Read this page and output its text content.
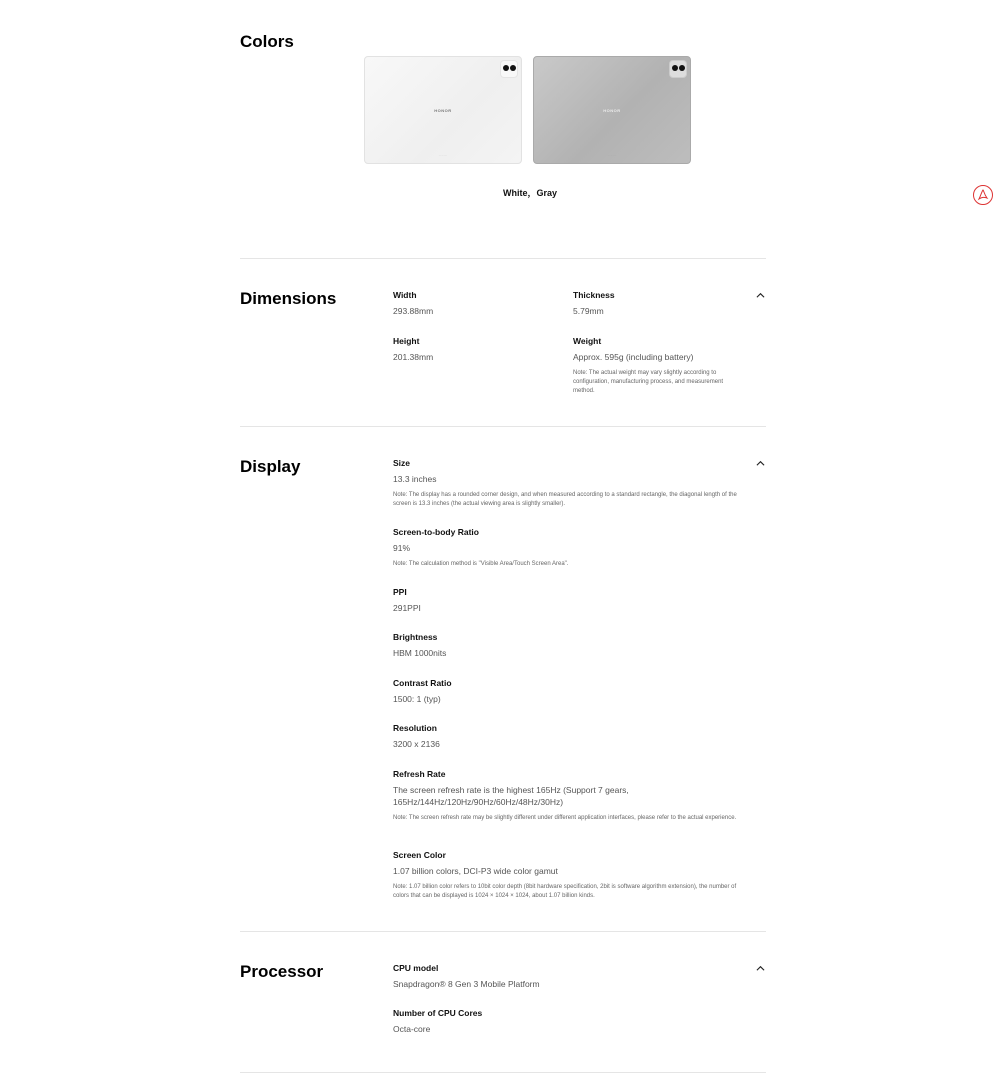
Colors
HONOR
·· ·· ···
HONOR
·· ·· ···
White，Gray
Dimensions	Width
293.88mm
Thickness
5.79mm
Height
201.38mm
Weight
Approx. 595g (including battery)
Note: The actual weight may vary slightly according to configuration, manufacturing process, and measurement method.
Display	Size
13.3 inches
Note: The display has a rounded corner design, and when measured according to a standard rectangle, the diagonal length of the screen is 13.3 inches (the actual viewing area is slightly smaller).
Screen-to-body Ratio
91%
Note: The calculation method is "Visible Area/Touch Screen Area".
PPI
291PPI
Brightness
HBM 1000nits
Contrast Ratio
1500: 1 (typ)
Resolution
3200 x 2136
Refresh Rate
The screen refresh rate is the highest 165Hz (Support 7 gears, 165Hz/144Hz/120Hz/90Hz/60Hz/48Hz/30Hz)
Note: The screen refresh rate may be slightly different under different application interfaces, please refer to the actual experience.
Screen Color
1.07 billion colors, DCI-P3 wide color gamut
Note: 1.07 billion color refers to 10bit color depth (8bit hardware specification, 2bit is software algorithm extension), the number of colors that can be displayed is 1024 × 1024 × 1024, about 1.07 billion kinds.
Processor	CPU model
Snapdragon® 8 Gen 3 Mobile Platform
Number of CPU Cores
Octa-core
